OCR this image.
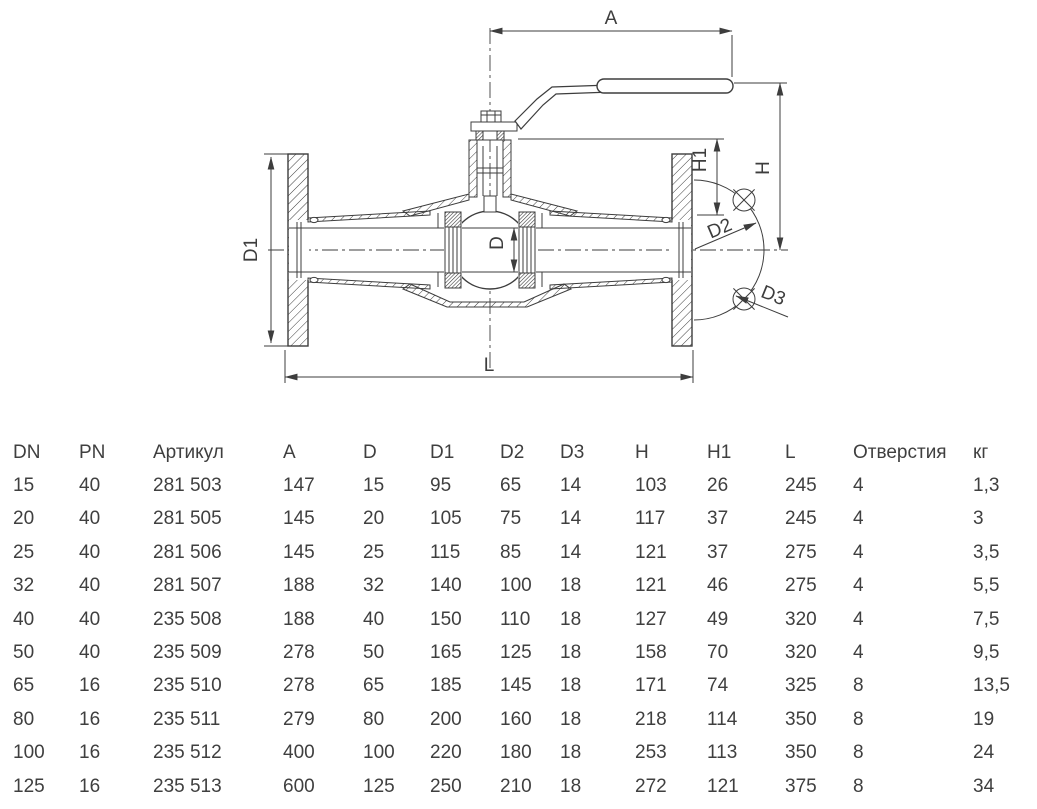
A
H
H1
D1	D	D2
D3
L
DN	PN	Артикул	A	D	D1	D2	D3	H	H1	L	Отверстия	кг
15	40	281 503	147	15	95	65	14	103	26	245	4	1,3
20	40	281 505	145	20	105	75	14	117	37	245	4	3
25	40	281 506	145	25	115	85	14	121	37	275	4	3,5
32	40	281 507	188	32	140	100	18	121	46	275	4	5,5
40	40	235 508	188	40	150	110	18	127	49	320	4	7,5
50	40	235 509	278	50	165	125	18	158	70	320	4	9,5
65	16	235 510	278	65	185	145	18	171	74	325	8	13,5
80	16	235 511	279	80	200	160	18	218	114	350	8	19
100	16	235 512	400	100	220	180	18	253	113	350	8	24
125	16	235 513	600	125	250	210	18	272	121	375	8	34
